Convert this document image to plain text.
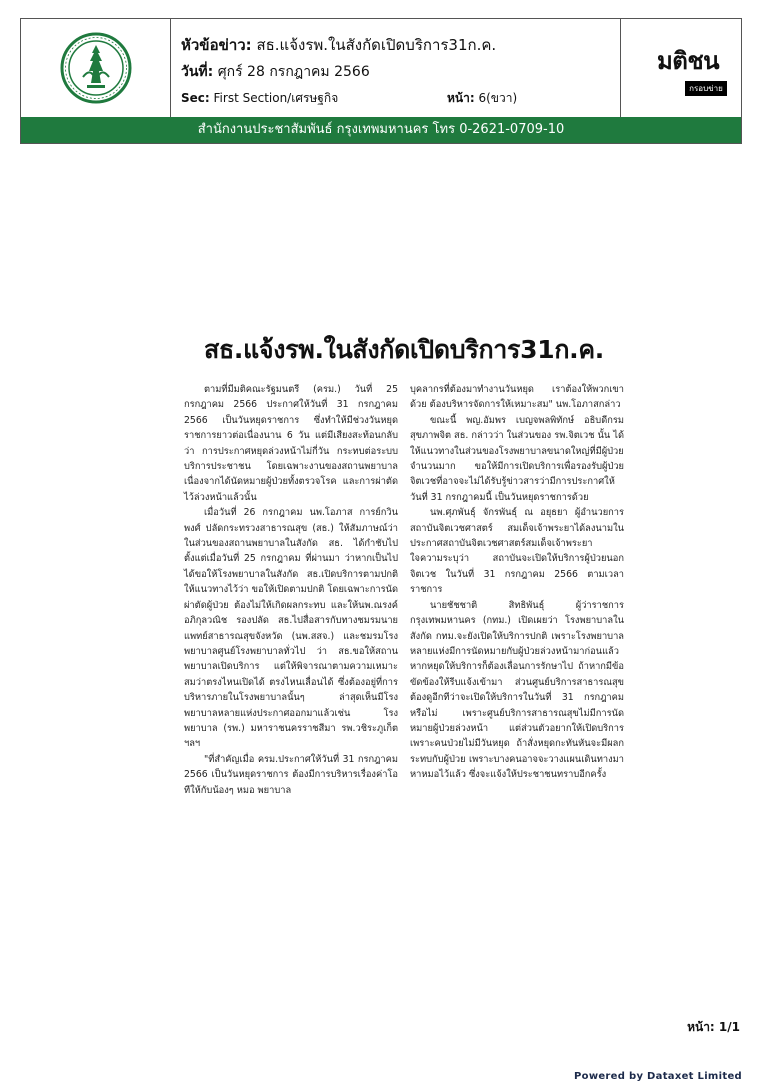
หัวข้อข่าว: สธ.แจ้งรพ.ในสังกัดเปิดบริการ31ก.ค.
วันที่: ศุกร์ 28 กรกฎาคม 2566
Sec: First Section/เศรษฐกิจ	หน้า: 6(ขวา)
มติชน
กรอบข่าย
สำนักงานประชาสัมพันธ์ กรุงเทพมหานคร โทร 0-2621-0709-10
สธ.แจ้งรพ.ในสังกัดเปิดบริการ31ก.ค.

ตามที่มีมติคณะรัฐมนตรี (ครม.) วันที่ 25 กรกฎาคม 2566 ประกาศให้วันที่ 31 กรกฎาคม 2566 เป็นวันหยุดราชการ ซึ่งทำให้มีช่วงวันหยุดราชการยาวต่อเนื่องนาน 6 วัน แต่มีเสียงสะท้อนกลับว่า การประกาศหยุดล่วงหน้าไม่กี่วัน กระทบต่อระบบบริการประชาชน โดยเฉพาะงานของสถานพยาบาล เนื่องจากได้นัดหมายผู้ป่วยทั้งตรวจโรค และการผ่าตัดไว้ล่วงหน้าแล้วนั้น

เมื่อวันที่ 26 กรกฎาคม นพ.โอภาส การย์กวินพงศ์ ปลัดกระทรวงสาธารณสุข (สธ.) ให้สัมภาษณ์ว่า ในส่วนของสถานพยาบาลในสังกัด สธ. ได้กำชับไปตั้งแต่เมื่อวันที่ 25 กรกฎาคม ที่ผ่านมา ว่าหากเป็นไปได้ขอให้โรงพยาบาลในสังกัด สธ.เปิดบริการตามปกติให้แนวทางไว้ว่า ขอให้เปิดตามปกติ โดยเฉพาะการนัดผ่าตัดผู้ป่วย ต้องไม่ให้เกิดผลกระทบ และให้นพ.ณรงค์ อภิกุลวณิช รองปลัด สธ.ไปสื่อสารกับทางชมรมนายแพทย์สาธารณสุขจังหวัด (นพ.สสจ.) และชมรมโรงพยาบาลศูนย์โรงพยาบาลทั่วไป ว่า สธ.ขอให้สถานพยาบาลเปิดบริการ แต่ให้พิจารณาตามความเหมาะสมว่าตรงไหนเปิดได้ ตรงไหนเลื่อนได้ ซึ่งต้องอยู่ที่การบริหารภายในโรงพยาบาลนั้นๆ ล่าสุดเห็นมีโรงพยาบาลหลายแห่งประกาศออกมาแล้วเช่น โรงพยาบาล (รพ.) มหาราชนครราชสีมา รพ.วชิระภูเก็ต ฯลฯ

"ที่สำคัญเมื่อ ครม.ประกาศให้วันที่ 31 กรกฎาคม 2566 เป็นวันหยุดราชการ ต้องมีการบริหารเรื่องค่าโอทีให้กับน้องๆ หมอ พยาบาล

บุคลากรที่ต้องมาทำงานวันหยุด เราต้องให้พวกเขาด้วย ต้องบริหารจัดการให้เหมาะสม" นพ.โอภาสกล่าว

ขณะนี้ พญ.อัมพร เบญจพลพิทักษ์ อธิบดีกรมสุขภาพจิต สธ. กล่าวว่า ในส่วนของ รพ.จิตเวช นั้น ได้ให้แนวทางในส่วนของโรงพยาบาลขนาดใหญ่ที่มีผู้ป่วยจำนวนมาก ขอให้มีการเปิดบริการเพื่อรองรับผู้ป่วยจิตเวชที่อาจจะไม่ได้รับรู้ข่าวสารว่ามีการประกาศให้วันที่ 31 กรกฎาคมนี้ เป็นวันหยุดราชการด้วย

นพ.ศุภพันธุ์ จักรพันธุ์ ณ อยุธยา ผู้อำนวยการสถาบันจิตเวชศาสตร์ สมเด็จเจ้าพระยาได้ลงนามในประกาศสถาบันจิตเวชศาสตร์สมเด็จเจ้าพระยา ใจความระบุว่า สถาบันจะเปิดให้บริการผู้ป่วยนอกจิตเวช ในวันที่ 31 กรกฎาคม 2566 ตามเวลาราชการ

นายชัชชาติ สิทธิพันธุ์ ผู้ว่าราชการกรุงเทพมหานคร (กทม.) เปิดเผยว่า โรงพยาบาลในสังกัด กทม.จะยังเปิดให้บริการปกติ เพราะโรงพยาบาลหลายแห่งมีการนัดหมายกับผู้ป่วยล่วงหน้ามาก่อนแล้ว หากหยุดให้บริการก็ต้องเลื่อนการรักษาไป ถ้าหากมีข้อขัดข้องให้รีบแจ้งเข้ามา ส่วนศูนย์บริการสาธารณสุข ต้องดูอีกทีว่าจะเปิดให้บริการในวันที่ 31 กรกฎาคม หรือไม่ เพราะศูนย์บริการสาธารณสุขไม่มีการนัดหมายผู้ป่วยล่วงหน้า แต่ส่วนตัวอยากให้เปิดบริการ เพราะคนป่วยไม่มีวันหยุด ถ้าสั่งหยุดกะทันหันจะมีผลกระทบกับผู้ป่วย เพราะบางคนอาจจะวางแผนเดินทางมาหาหมอไว้แล้ว ซึ่งจะแจ้งให้ประชาชนทราบอีกครั้ง

หน้า: 1/1
Powered by Dataxet Limited
